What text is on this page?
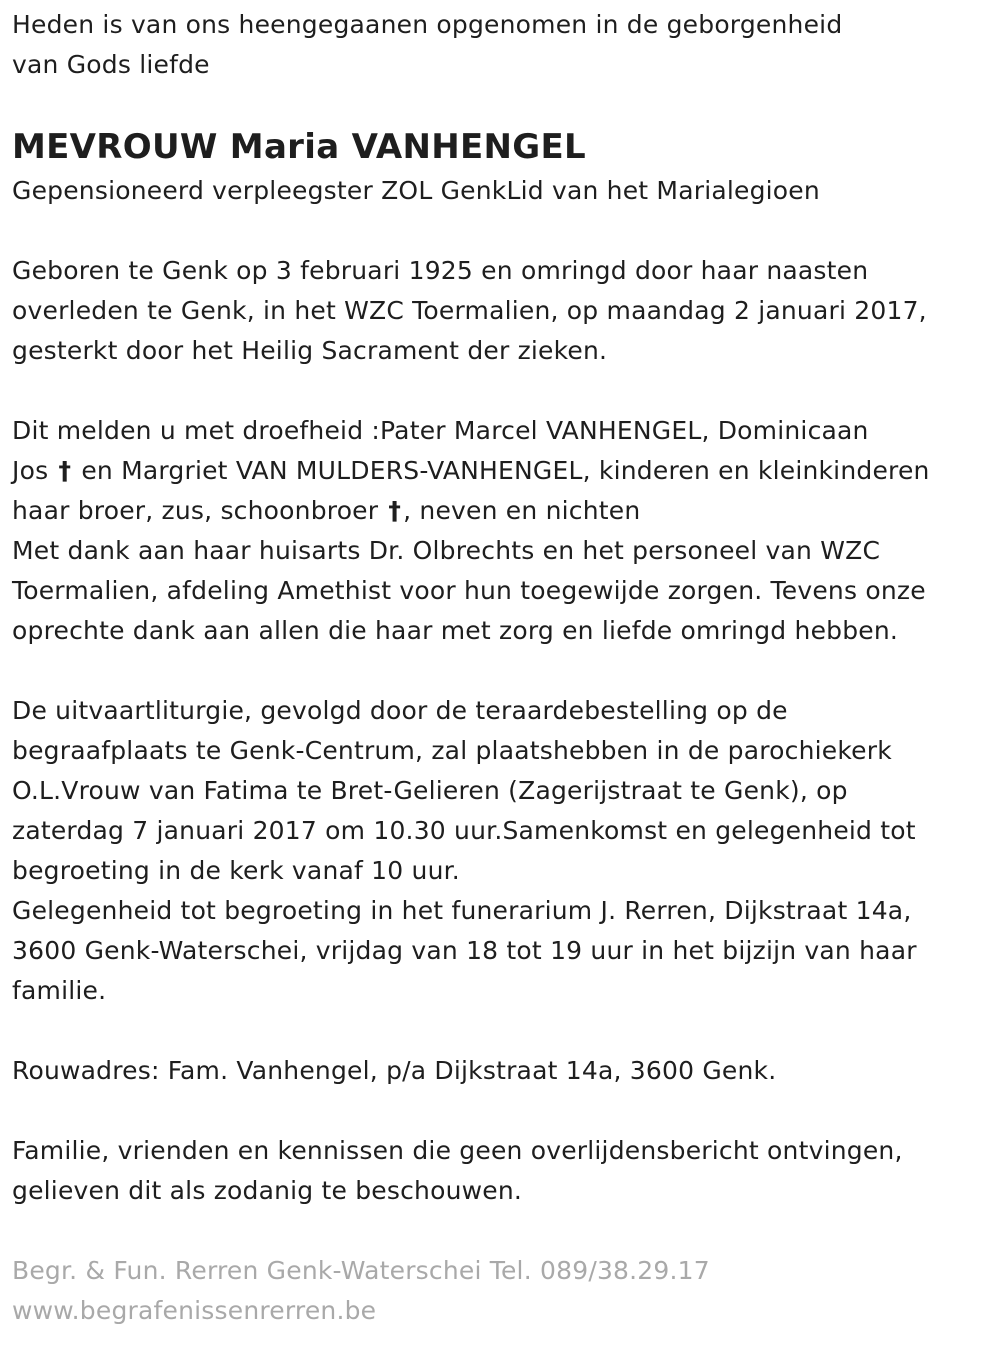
Heden is van ons heengegaanen opgenomen in de geborgenheid
van Gods liefde
MEVROUW Maria VANHENGEL
Gepensioneerd verpleegster ZOL GenkLid van het Marialegioen
Geboren te Genk op 3 februari 1925 en omringd door haar naasten
overleden te Genk, in het WZC Toermalien, op maandag 2 januari 2017,
gesterkt door het Heilig Sacrament der zieken.
Dit melden u met droefheid :Pater Marcel VANHENGEL, Dominicaan
Jos † en Margriet VAN MULDERS-VANHENGEL, kinderen en kleinkinderen
haar broer, zus, schoonbroer †, neven en nichten
Met dank aan haar huisarts Dr. Olbrechts en het personeel van WZC
Toermalien, afdeling Amethist voor hun toegewijde zorgen. Tevens onze
oprechte dank aan allen die haar met zorg en liefde omringd hebben.
De uitvaartliturgie, gevolgd door de teraardebestelling op de
begraafplaats te Genk-Centrum, zal plaatshebben in de parochiekerk
O.L.Vrouw van Fatima te Bret-Gelieren (Zagerijstraat te Genk), op
zaterdag 7 januari 2017 om 10.30 uur.Samenkomst en gelegenheid tot
begroeting in de kerk vanaf 10 uur.
Gelegenheid tot begroeting in het funerarium J. Rerren, Dijkstraat 14a,
3600 Genk-Waterschei, vrijdag van 18 tot 19 uur in het bijzijn van haar
familie.
Rouwadres: Fam. Vanhengel, p/a Dijkstraat 14a, 3600 Genk.
Familie, vrienden en kennissen die geen overlijdensbericht ontvingen,
gelieven dit als zodanig te beschouwen.
Begr. & Fun. Rerren Genk-Waterschei Tel. 089/38.29.17
www.begrafenissenrerren.be
